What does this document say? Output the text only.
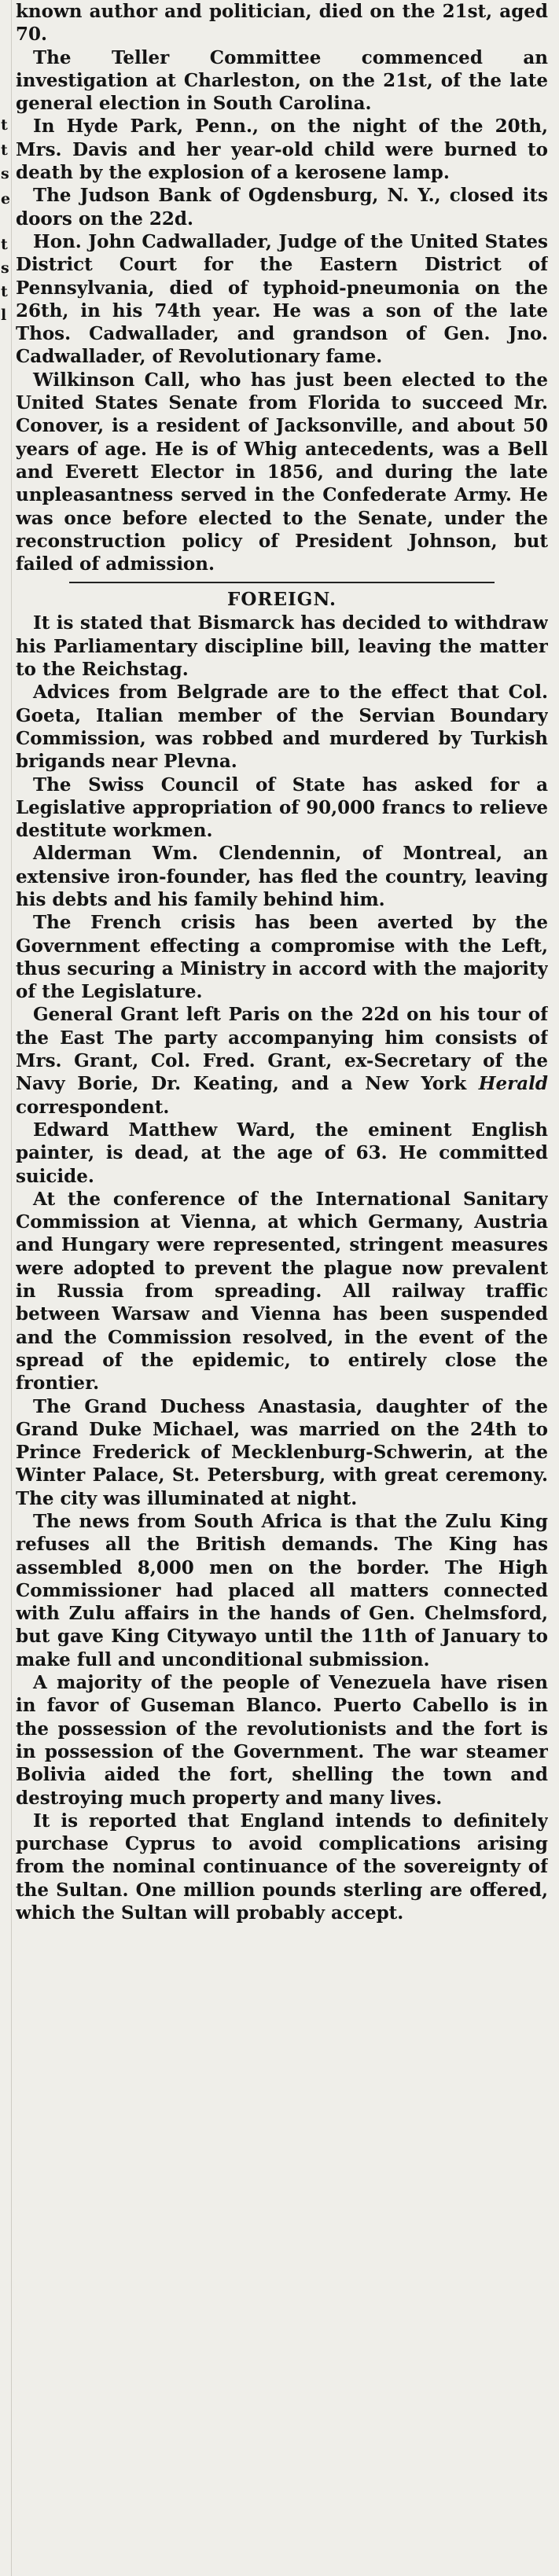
t
t
s
e
t
s
t
l

known author and politician, died on the 21st, aged 70.

The Teller Committee commenced an investigation at Charleston, on the 21st, of the late general election in South Carolina.

In Hyde Park, Penn., on the night of the 20th, Mrs. Davis and her year-old child were burned to death by the explosion of a kerosene lamp.

The Judson Bank of Ogdensburg, N. Y., closed its doors on the 22d.

Hon. John Cadwallader, Judge of the United States District Court for the Eastern District of Pennsylvania, died of typhoid-pneumonia on the 26th, in his 74th year. He was a son of the late Thos. Cadwallader, and grandson of Gen. Jno. Cadwallader, of Revolutionary fame.

Wilkinson Call, who has just been elected to the United States Senate from Florida to succeed Mr. Conover, is a resident of Jacksonville, and about 50 years of age. He is of Whig antecedents, was a Bell and Everett Elector in 1856, and during the late unpleasantness served in the Confederate Army. He was once before elected to the Senate, under the reconstruction policy of President Johnson, but failed of admission.

FOREIGN.

It is stated that Bismarck has decided to withdraw his Parliamentary discipline bill, leaving the matter to the Reichstag.

Advices from Belgrade are to the effect that Col. Goeta, Italian member of the Servian Boundary Commission, was robbed and murdered by Turkish brigands near Plevna.

The Swiss Council of State has asked for a Legislative appropriation of 90,000 francs to relieve destitute workmen.

Alderman Wm. Clendennin, of Montreal, an extensive iron-founder, has fled the country, leaving his debts and his family behind him.

The French crisis has been averted by the Government effecting a compromise with the Left, thus securing a Ministry in accord with the majority of the Legislature.

General Grant left Paris on the 22d on his tour of the East The party accompanying him consists of Mrs. Grant, Col. Fred. Grant, ex-Secretary of the Navy Borie, Dr. Keating, and a New York Herald correspondent.

Edward Matthew Ward, the eminent English painter, is dead, at the age of 63. He committed suicide.

At the conference of the International Sanitary Commission at Vienna, at which Germany, Austria and Hungary were represented, stringent measures were adopted to prevent the plague now prevalent in Russia from spreading. All railway traffic between Warsaw and Vienna has been suspended and the Commission resolved, in the event of the spread of the epidemic, to entirely close the frontier.

The Grand Duchess Anastasia, daughter of the Grand Duke Michael, was married on the 24th to Prince Frederick of Mecklenburg-Schwerin, at the Winter Palace, St. Petersburg, with great ceremony. The city was illuminated at night.

The news from South Africa is that the Zulu King refuses all the British demands. The King has assembled 8,000 men on the border. The High Commissioner had placed all matters connected with Zulu affairs in the hands of Gen. Chelmsford, but gave King Citywayo until the 11th of January to make full and unconditional submission.

A majority of the people of Venezuela have risen in favor of Guseman Blanco. Puerto Cabello is in the possession of the revolutionists and the fort is in possession of the Government. The war steamer Bolivia aided the fort, shelling the town and destroying much property and many lives.

It is reported that England intends to definitely purchase Cyprus to avoid complications arising from the nominal continuance of the sovereignty of the Sultan. One million pounds sterling are offered, which the Sultan will probably accept.
